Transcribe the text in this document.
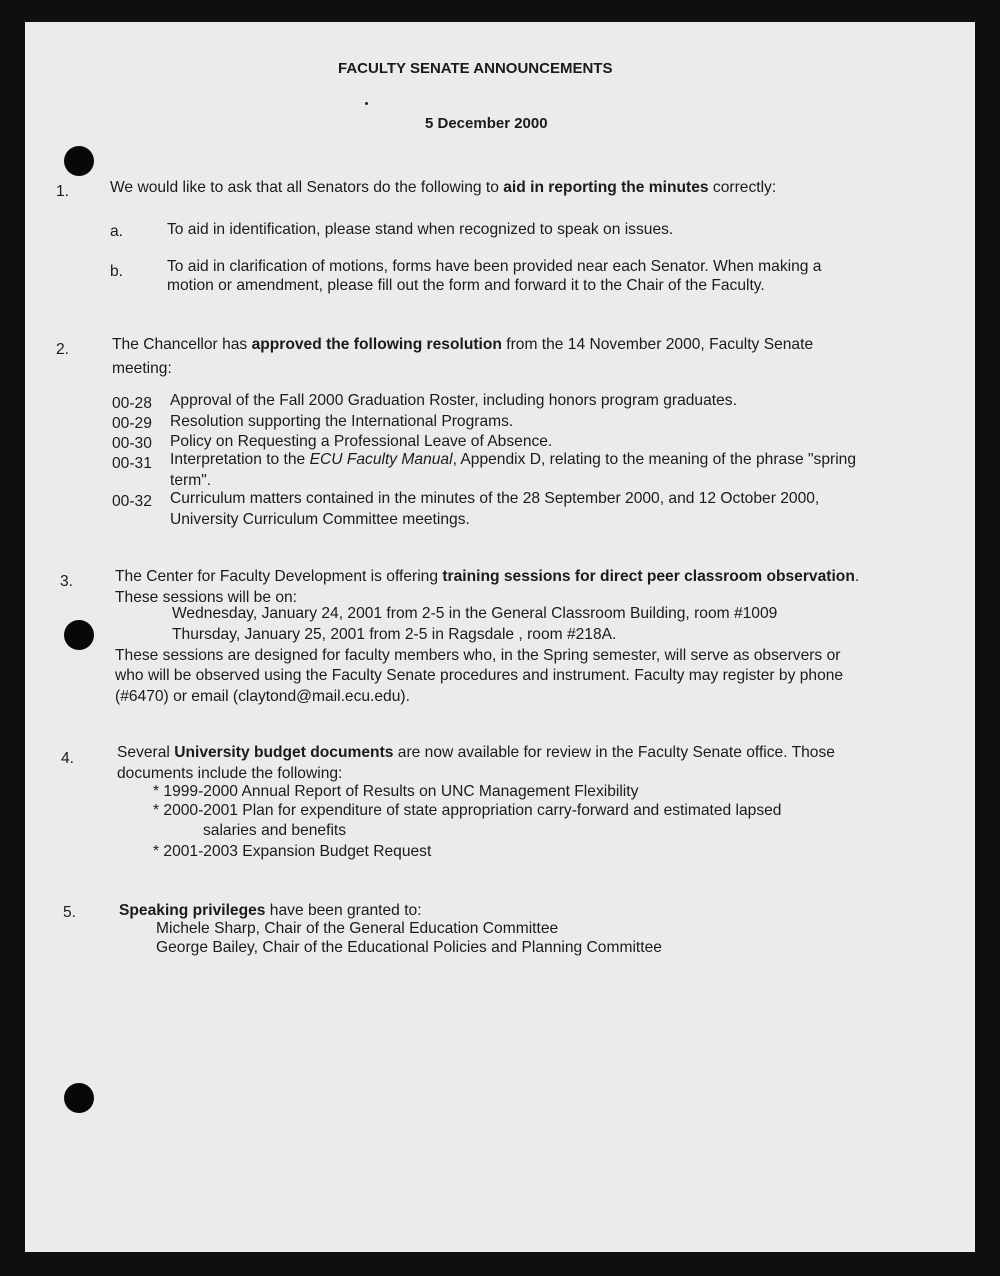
FACULTY SENATE ANNOUNCEMENTS
5 December 2000
1.	We would like to ask that all Senators do the following to aid in reporting the minutes correctly:
a.	To aid in identification, please stand when recognized to speak on issues.
b.	To aid in clarification of motions, forms have been provided near each Senator. When making a
motion or amendment, please fill out the form and forward it to the Chair of the Faculty.
2.	The Chancellor has approved the following resolution from the 14 November 2000, Faculty Senate
meeting:
00-28 Approval of the Fall 2000 Graduation Roster, including honors program graduates.
00-29 Resolution supporting the International Programs.
00-30 Policy on Requesting a Professional Leave of Absence.
00-31 Interpretation to the ECU Faculty Manual, Appendix D, relating to the meaning of the phrase "spring
term".
00-32 Curriculum matters contained in the minutes of the 28 September 2000, and 12 October 2000,
University Curriculum Committee meetings.
3.	The Center for Faculty Development is offering training sessions for direct peer classroom observation.
These sessions will be on:
Wednesday, January 24, 2001 from 2-5 in the General Classroom Building, room #1009
Thursday, January 25, 2001 from 2-5 in Ragsdale , room #218A.
These sessions are designed for faculty members who, in the Spring semester, will serve as observers or
who will be observed using the Faculty Senate procedures and instrument. Faculty may register by phone
(#6470) or email (claytond@mail.ecu.edu).
4.	Several University budget documents are now available for review in the Faculty Senate office. Those
documents include the following:
* 1999-2000 Annual Report of Results on UNC Management Flexibility
* 2000-2001 Plan for expenditure of state appropriation carry-forward and estimated lapsed
salaries and benefits
* 2001-2003 Expansion Budget Request
5.	Speaking privileges have been granted to:
Michele Sharp, Chair of the General Education Committee
George Bailey, Chair of the Educational Policies and Planning Committee
